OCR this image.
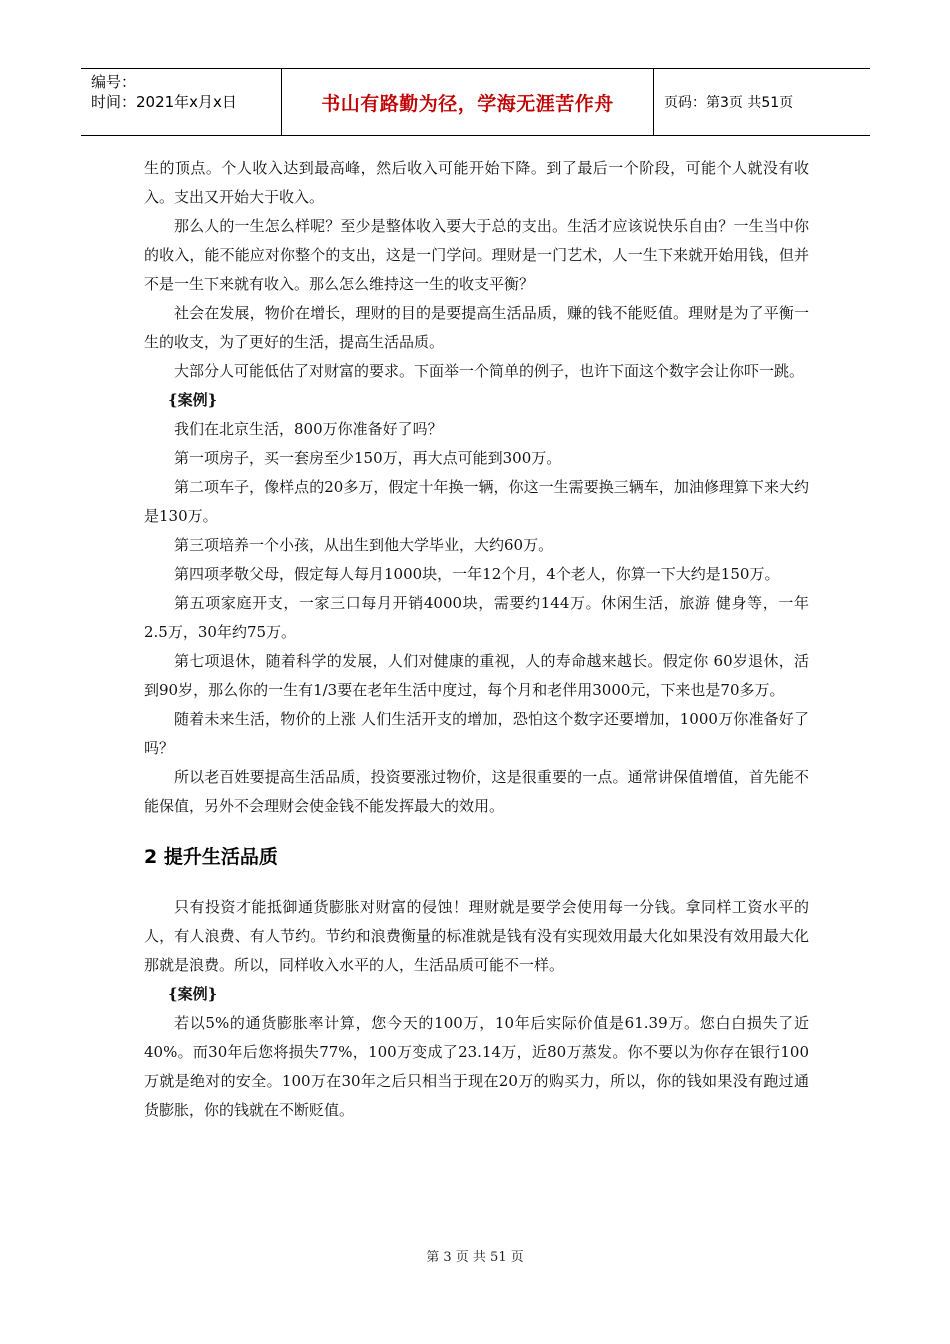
编号：
时间：2021年x月x日	书山有路勤为径，学海无涯苦作舟	页码：第3页 共51页

生的顶点。个人收入达到最高峰，然后收入可能开始下降。到了最后一个阶段，可能个人就没有收入。支出又开始大于收入。

那么人的一生怎么样呢？至少是整体收入要大于总的支出。生活才应该说快乐自由？一生当中你的收入，能不能应对你整个的支出，这是一门学问。理财是一门艺术，人一生下来就开始用钱，但并不是一生下来就有收入。那么怎么维持这一生的收支平衡？

社会在发展，物价在增长，理财的目的是要提高生活品质，赚的钱不能贬值。理财是为了平衡一生的收支，为了更好的生活，提高生活品质。

大部分人可能低估了对财富的要求。下面举一个简单的例子，也许下面这个数字会让你吓一跳。

{案例}

我们在北京生活，800万你准备好了吗？

第一项房子，买一套房至少150万，再大点可能到300万。

第二项车子，像样点的20多万，假定十年换一辆，你这一生需要换三辆车，加油修理算下来大约是130万。

第三项培养一个小孩，从出生到他大学毕业，大约60万。

第四项孝敬父母，假定每人每月1000块，一年12个月，4个老人，你算一下大约是150万。

第五项家庭开支，一家三口每月开销4000块，需要约144万。休闲生活，旅游 健身等，一年2.5万，30年约75万。

第七项退休，随着科学的发展，人们对健康的重视，人的寿命越来越长。假定你 60岁退休，活到90岁，那么你的一生有1/3要在老年生活中度过，每个月和老伴用3000元，下来也是70多万。

随着未来生活，物价的上涨 人们生活开支的增加，恐怕这个数字还要增加，1000万你准备好了吗？

所以老百姓要提高生活品质，投资要涨过物价，这是很重要的一点。通常讲保值增值，首先能不能保值，另外不会理财会使金钱不能发挥最大的效用。

2 提升生活品质

只有投资才能抵御通货膨胀对财富的侵蚀！理财就是要学会使用每一分钱。拿同样工资水平的人，有人浪费、有人节约。节约和浪费衡量的标准就是钱有没有实现效用最大化如果没有效用最大化那就是浪费。所以，同样收入水平的人，生活品质可能不一样。

{案例}

若以5%的通货膨胀率计算，您今天的100万，10年后实际价值是61.39万。您白白损失了近40%。而30年后您将损失77%，100万变成了23.14万，近80万蒸发。你不要以为你存在银行100万就是绝对的安全。100万在30年之后只相当于现在20万的购买力，所以，你的钱如果没有跑过通货膨胀，你的钱就在不断贬值。

第 3 页 共 51 页
